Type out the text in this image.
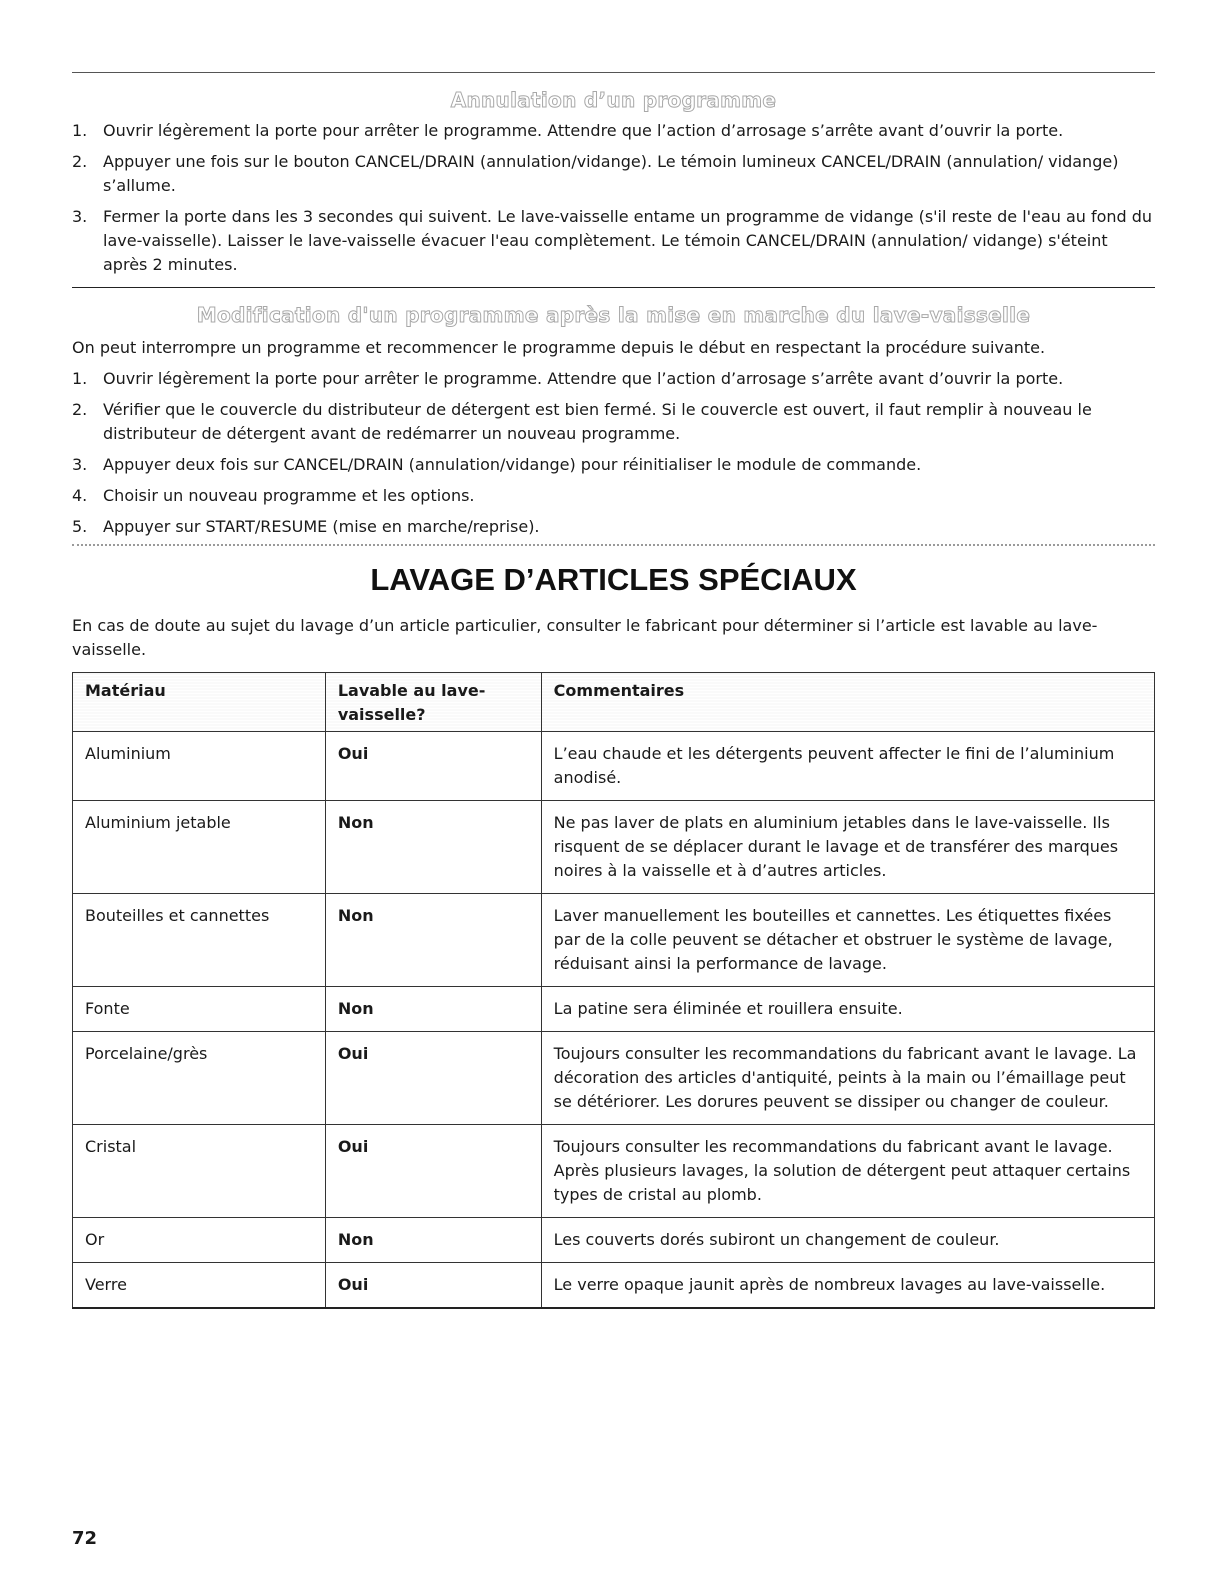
Annulation d’un programme
1. Ouvrir légèrement la porte pour arrêter le programme. Attendre que l’action d’arrosage s’arrête avant d’ouvrir la porte.
2. Appuyer une fois sur le bouton CANCEL/DRAIN (annulation/vidange). Le témoin lumineux CANCEL/DRAIN (annulation/ vidange) s’allume.
3. Fermer la porte dans les 3 secondes qui suivent. Le lave-vaisselle entame un programme de vidange (s'il reste de l'eau au fond du lave-vaisselle). Laisser le lave-vaisselle évacuer l'eau complètement. Le témoin CANCEL/DRAIN (annulation/ vidange) s'éteint après 2 minutes.
Modification d'un programme après la mise en marche du lave-vaisselle

On peut interrompre un programme et recommencer le programme depuis le début en respectant la procédure suivante.

1. Ouvrir légèrement la porte pour arrêter le programme. Attendre que l’action d’arrosage s’arrête avant d’ouvrir la porte.
2. Vérifier que le couvercle du distributeur de détergent est bien fermé. Si le couvercle est ouvert, il faut remplir à nouveau le distributeur de détergent avant de redémarrer un nouveau programme.
3. Appuyer deux fois sur CANCEL/DRAIN (annulation/vidange) pour réinitialiser le module de commande.
4. Choisir un nouveau programme et les options.
5. Appuyer sur START/RESUME (mise en marche/reprise).
LAVAGE D’ARTICLES SPÉCIAUX

En cas de doute au sujet du lavage d’un article particulier, consulter le fabricant pour déterminer si l’article est lavable au lave-vaisselle.

Matériau	Lavable au lave-vaisselle?	Commentaires
Aluminium	Oui	L’eau chaude et les détergents peuvent affecter le fini de l’aluminium anodisé.
Aluminium jetable	Non	Ne pas laver de plats en aluminium jetables dans le lave-vaisselle. Ils risquent de se déplacer durant le lavage et de transférer des marques noires à la vaisselle et à d’autres articles.
Bouteilles et cannettes	Non	Laver manuellement les bouteilles et cannettes. Les étiquettes fixées par de la colle peuvent se détacher et obstruer le système de lavage, réduisant ainsi la performance de lavage.
Fonte	Non	La patine sera éliminée et rouillera ensuite.
Porcelaine/grès	Oui	Toujours consulter les recommandations du fabricant avant le lavage. La décoration des articles d'antiquité, peints à la main ou l’émaillage peut se détériorer. Les dorures peuvent se dissiper ou changer de couleur.
Cristal	Oui	Toujours consulter les recommandations du fabricant avant le lavage. Après plusieurs lavages, la solution de détergent peut attaquer certains types de cristal au plomb.
Or	Non	Les couverts dorés subiront un changement de couleur.
Verre	Oui	Le verre opaque jaunit après de nombreux lavages au lave-vaisselle.
72
